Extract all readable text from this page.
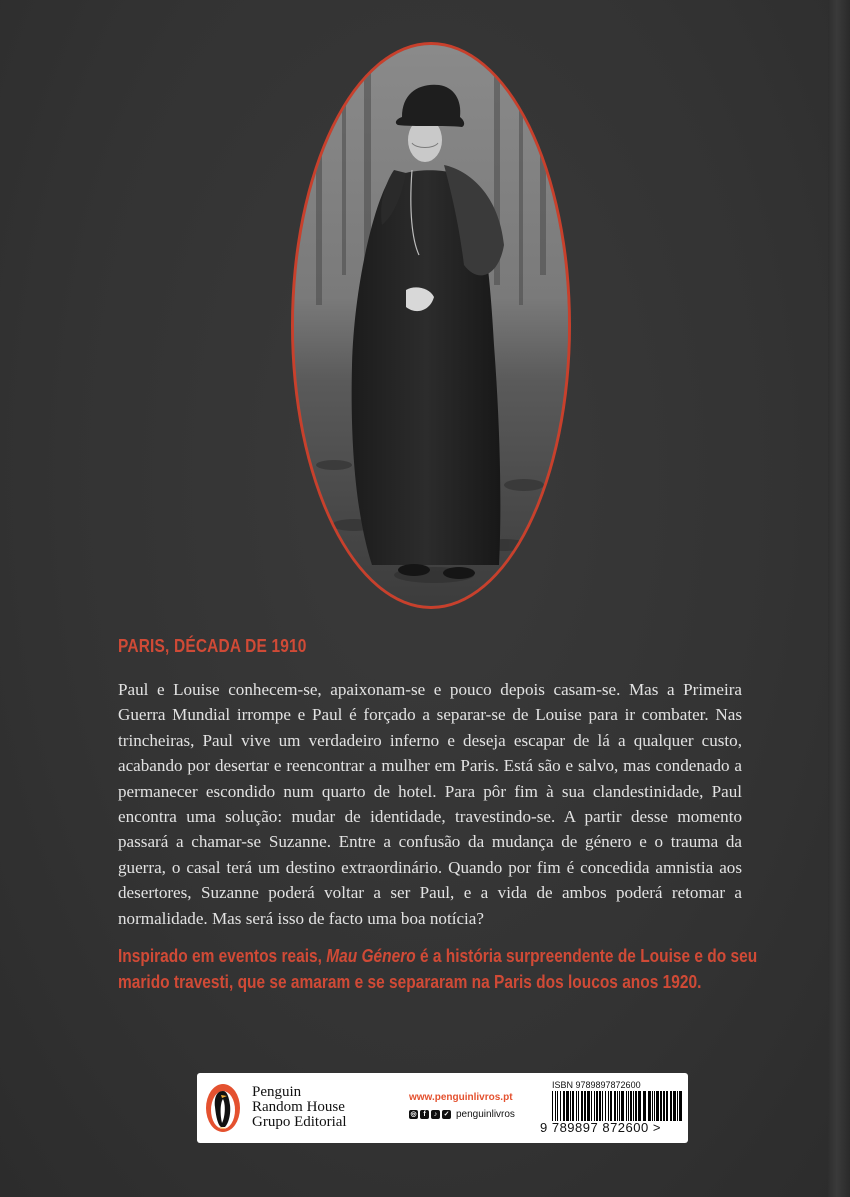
PARIS, DÉCADA DE 1910

Paul e Louise conhecem-se, apaixonam-se e pouco depois casam-se. Mas a Primeira Guerra Mundial irrompe e Paul é forçado a separar-se de Louise para ir combater. Nas trincheiras, Paul vive um verdadeiro inferno e deseja escapar de lá a qualquer custo, acabando por desertar e reencontrar a mulher em Paris. Está são e salvo, mas condenado a permanecer escondido num quarto de hotel. Para pôr fim à sua clandestinidade, Paul encontra uma solução: mudar de identidade, travestindo-se. A partir desse momento passará a chamar-se Suzanne. Entre a confusão da mudança de género e o trauma da guerra, o casal terá um destino extraordinário. Quando por fim é concedida amnistia aos desertores, Suzanne poderá voltar a ser Paul, e a vida de ambos poderá retomar a normalidade. Mas será isso de facto uma boa notícia?

Inspirado em eventos reais, Mau Género é a história surpreendente de Louise e do seu
marido travesti, que se amaram e se separaram na Paris dos loucos anos 1920.
Penguin
Random House
Grupo Editorial
www.penguinlivros.pt
◎ f	♪ ✓ penguinlivros
ISBN 9789897872600
9 789897 872600 >
